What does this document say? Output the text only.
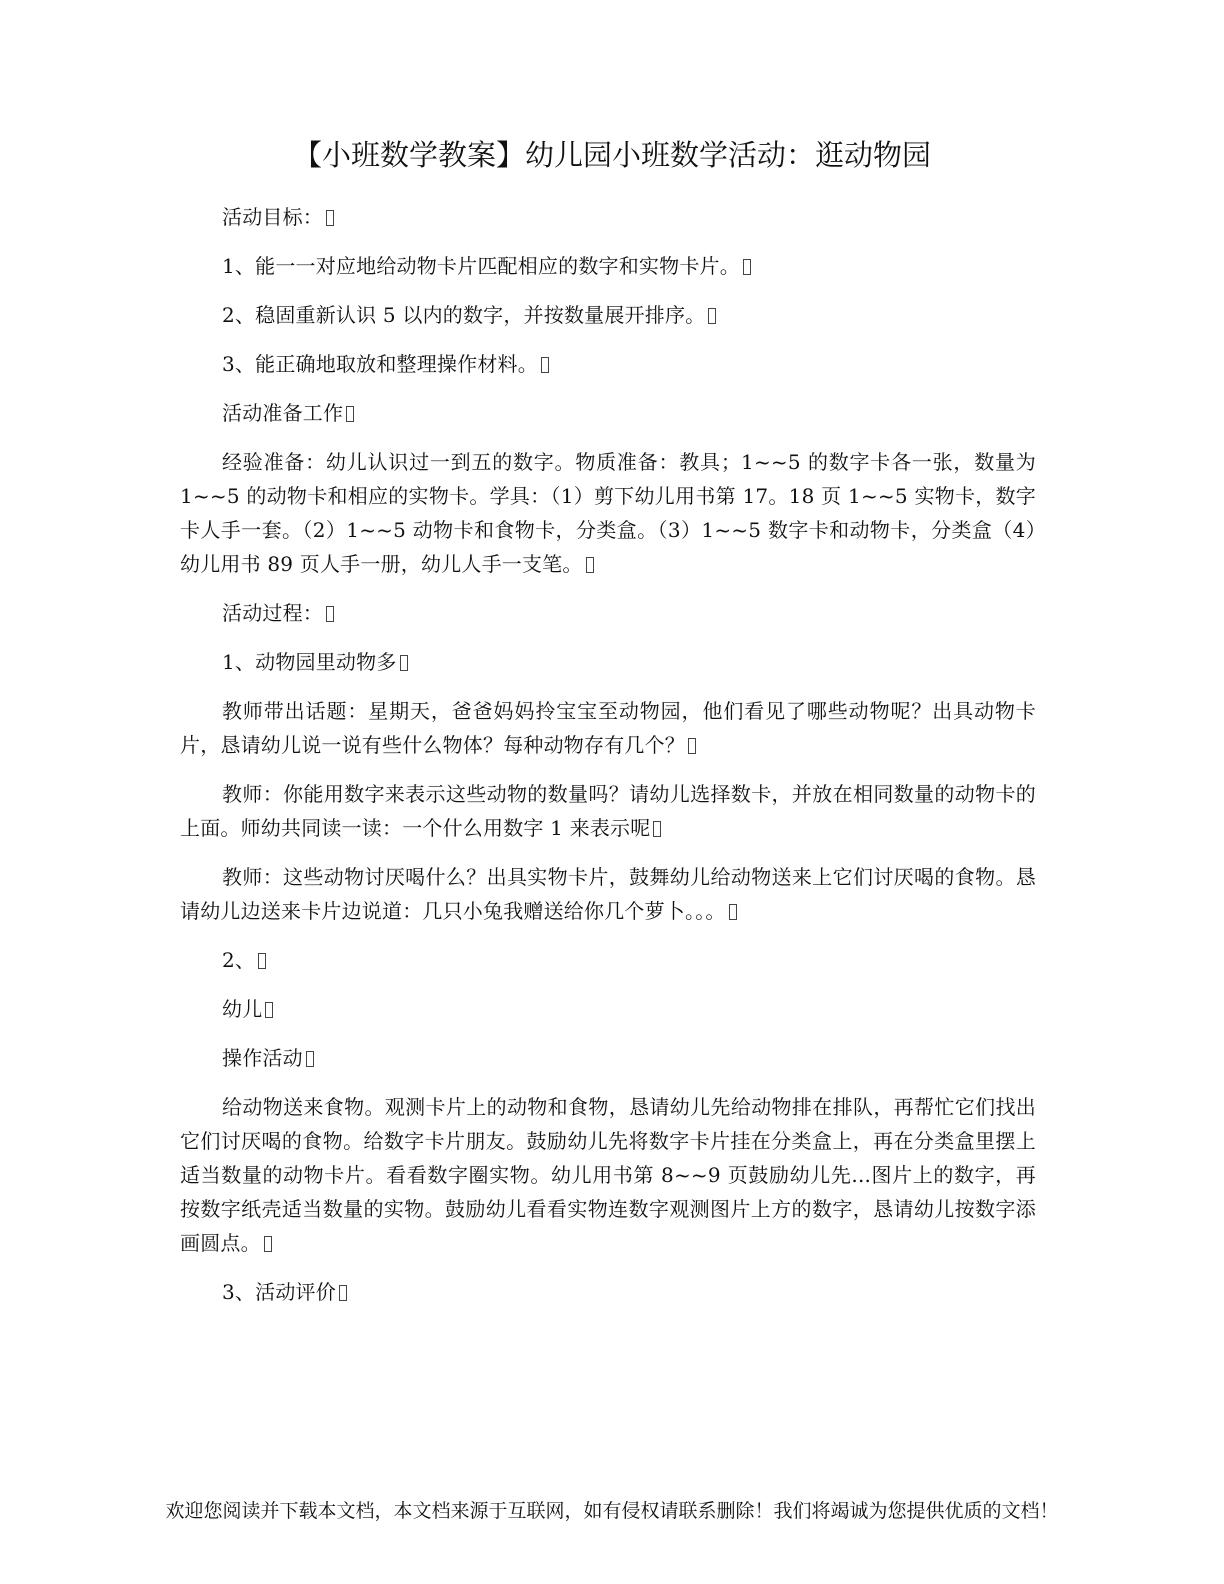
【小班数学教案】幼儿园小班数学活动：逛动物园

活动目标：

1、能一一对应地给动物卡片匹配相应的数字和实物卡片。

2、稳固重新认识 5 以内的数字，并按数量展开排序。

3、能正确地取放和整理操作材料。

活动准备工作

经验准备：幼儿认识过一到五的数字。物质准备：教具；1~~5 的数字卡各一张，数量为 1~~5 的动物卡和相应的实物卡。学具：（1）剪下幼儿用书第 17。18 页 1~~5 实物卡，数字卡人手一套。（2）1~~5 动物卡和食物卡，分类盒。（3）1~~5 数字卡和动物卡，分类盒（4）幼儿用书 89 页人手一册，幼儿人手一支笔。

活动过程：

1、动物园里动物多

教师带出话题：星期天，爸爸妈妈拎宝宝至动物园，他们看见了哪些动物呢？出具动物卡片，恳请幼儿说一说有些什么物体？每种动物存有几个？

教师：你能用数字来表示这些动物的数量吗？请幼儿选择数卡，并放在相同数量的动物卡的上面。师幼共同读一读：一个什么用数字 1 来表示呢

教师：这些动物讨厌喝什么？出具实物卡片，鼓舞幼儿给动物送来上它们讨厌喝的食物。恳请幼儿边送来卡片边说道：几只小兔我赠送给你几个萝卜。。。

2、

幼儿

操作活动

给动物送来食物。观测卡片上的动物和食物，恳请幼儿先给动物排在排队，再帮忙它们找出它们讨厌喝的食物。给数字卡片朋友。鼓励幼儿先将数字卡片挂在分类盒上，再在分类盒里摆上适当数量的动物卡片。看看数字圈实物。幼儿用书第 8~~9 页鼓励幼儿先...图片上的数字，再按数字纸壳适当数量的实物。鼓励幼儿看看实物连数字观测图片上方的数字，恳请幼儿按数字添画圆点。

3、活动评价

欢迎您阅读并下载本文档，本文档来源于互联网，如有侵权请联系删除！我们将竭诚为您提供优质的文档！
